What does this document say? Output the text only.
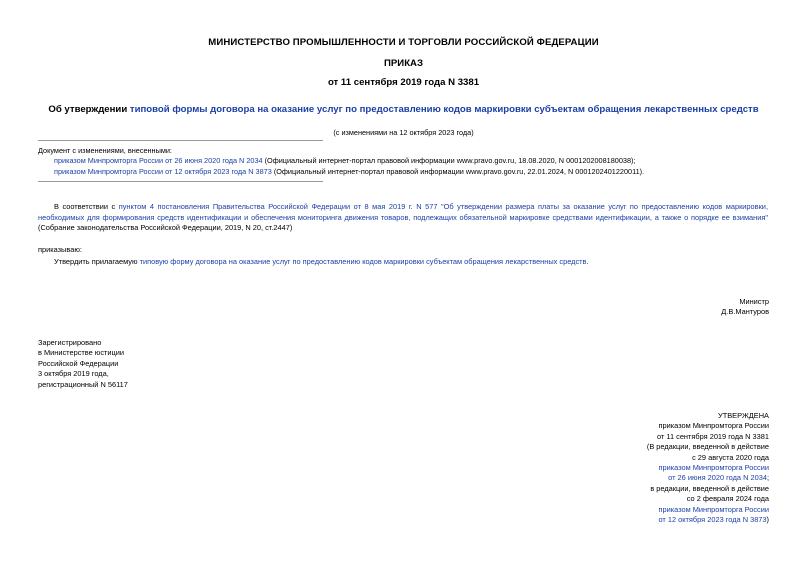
МИНИСТЕРСТВО ПРОМЫШЛЕННОСТИ И ТОРГОВЛИ РОССИЙСКОЙ ФЕДЕРАЦИИ
ПРИКАЗ
от 11 сентября 2019 года N 3381
Об утверждении типовой формы договора на оказание услуг по предоставлению кодов маркировки субъектам обращения лекарственных средств
(с изменениями на 12 октября 2023 года)
Документ с изменениями, внесенными:
приказом Минпромторга России от 26 июня 2020 года N 2034 (Официальный интернет-портал правовой информации www.pravo.gov.ru, 18.08.2020, N 0001202008180038);
приказом Минпромторга России от 12 октября 2023 года N 3873 (Официальный интернет-портал правовой информации www.pravo.gov.ru, 22.01.2024, N 0001202401220011).

В соответствии с пунктом 4 постановления Правительства Российской Федерации от 8 мая 2019 г. N 577 "Об утверждении размера платы за оказание услуг по предоставлению кодов маркировки, необходимых для формирования средств идентификации и обеспечения мониторинга движения товаров, подлежащих обязательной маркировке средствами идентификации, а также о порядке ее взимания" (Собрание законодательства Российской Федерации, 2019, N 20, ст.2447)

приказываю:

Утвердить прилагаемую типовую форму договора на оказание услуг по предоставлению кодов маркировки субъектам обращения лекарственных средств.

Министр
Д.В.Мантуров
Зарегистрировано
в Министерстве юстиции
Российской Федерации
3 октября 2019 года,
регистрационный N 56117
УТВЕРЖДЕНА
приказом Минпромторга России
от 11 сентября 2019 года N 3381
(В редакции, введенной в действие
с 29 августа 2020 года
приказом Минпромторга России
от 26 июня 2020 года N 2034;
в редакции, введенной в действие
со 2 февраля 2024 года
приказом Минпромторга России
от 12 октября 2023 года N 3873)
